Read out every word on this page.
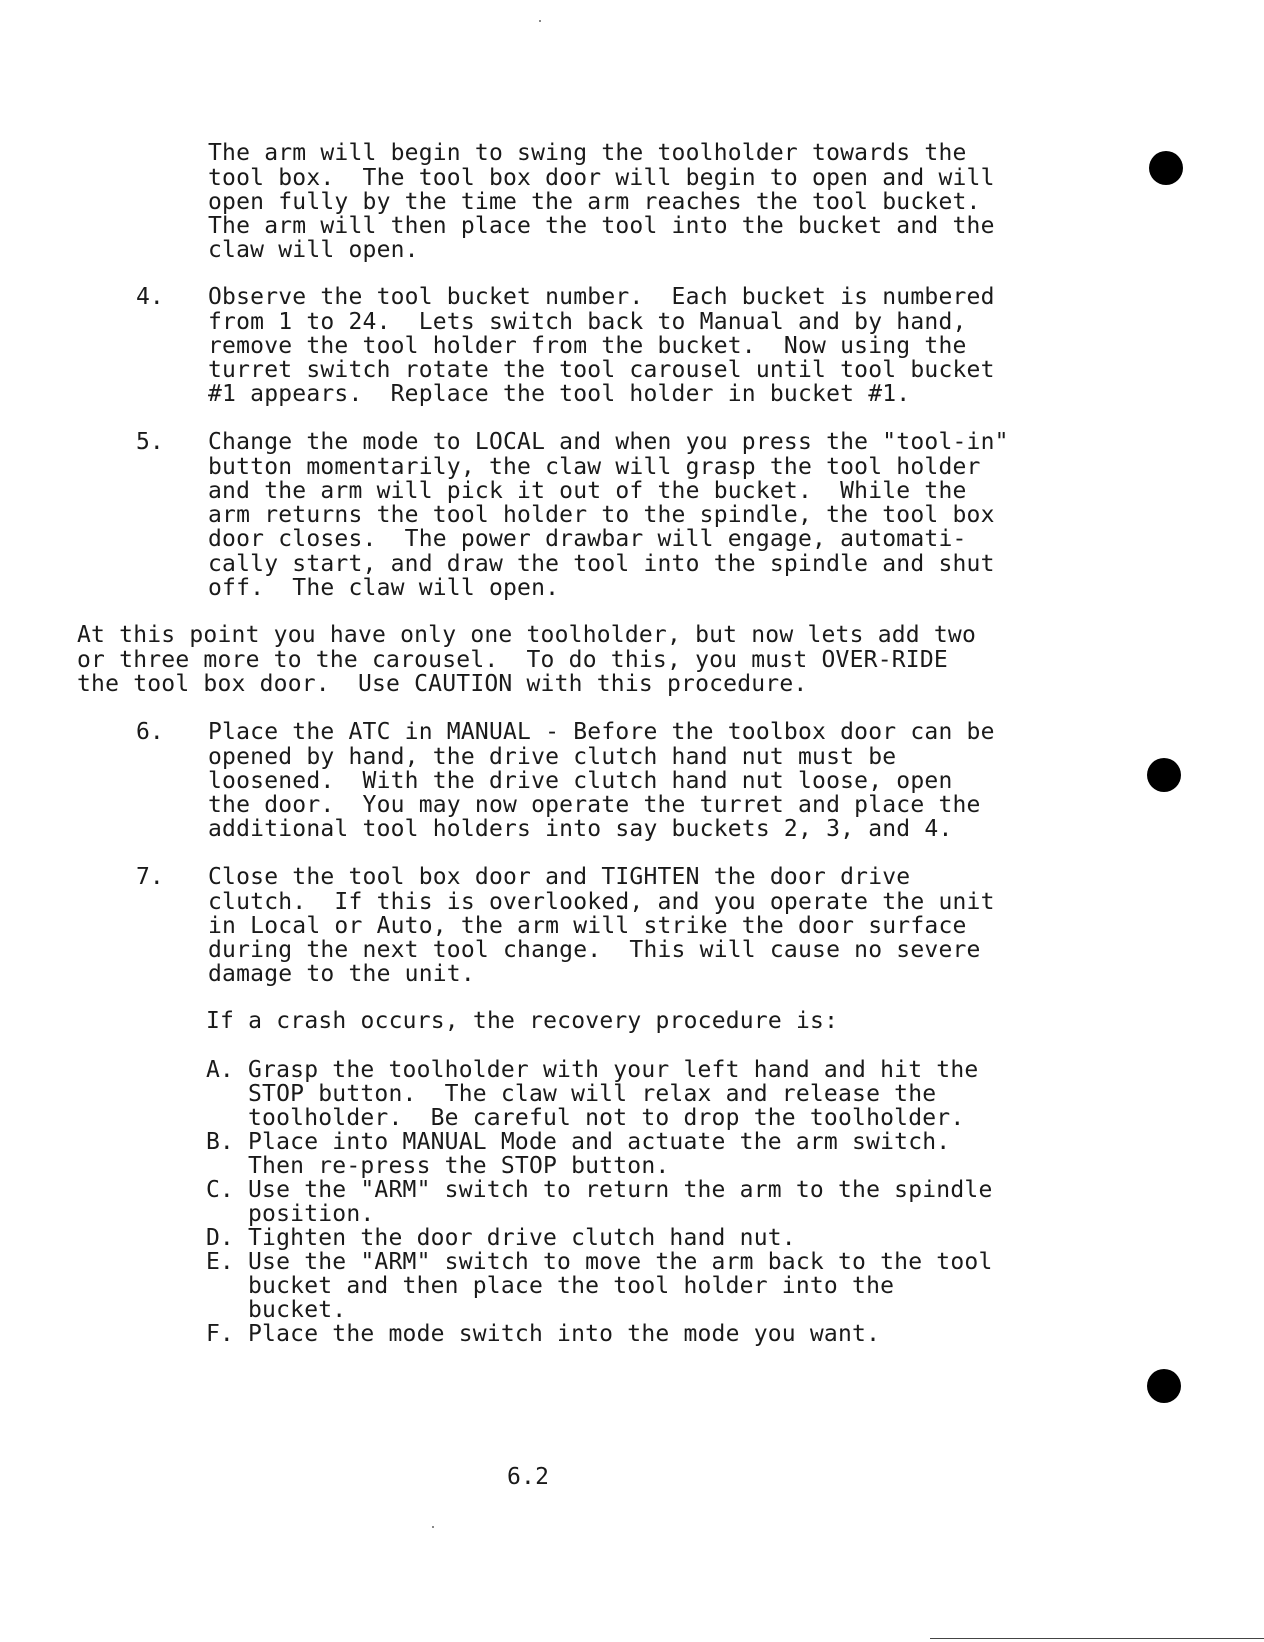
The arm will begin to swing the toolholder towards the
tool box.  The tool box door will begin to open and will
open fully by the time the arm reaches the tool bucket.
The arm will then place the tool into the bucket and the
claw will open.
4. Observe the tool bucket number.  Each bucket is numbered
from 1 to 24.  Lets switch back to Manual and by hand,
remove the tool holder from the bucket.  Now using the
turret switch rotate the tool carousel until tool bucket
#1 appears.  Replace the tool holder in bucket #1.
5. Change the mode to LOCAL and when you press the "tool-in"
button momentarily, the claw will grasp the tool holder
and the arm will pick it out of the bucket.  While the
arm returns the tool holder to the spindle, the tool box
door closes.  The power drawbar will engage, automati-
cally start, and draw the tool into the spindle and shut
off.  The claw will open.
At this point you have only one toolholder, but now lets add two
or three more to the carousel.  To do this, you must OVER-RIDE
the tool box door.  Use CAUTION with this procedure.
6. Place the ATC in MANUAL - Before the toolbox door can be
opened by hand, the drive clutch hand nut must be
loosened.  With the drive clutch hand nut loose, open
the door.  You may now operate the turret and place the
additional tool holders into say buckets 2, 3, and 4.
7. Close the tool box door and TIGHTEN the door drive
clutch.  If this is overlooked, and you operate the unit
in Local or Auto, the arm will strike the door surface
during the next tool change.  This will cause no severe
damage to the unit.
If a crash occurs, the recovery procedure is:
A. Grasp the toolholder with your left hand and hit the
STOP button.  The claw will relax and release the
toolholder.  Be careful not to drop the toolholder.
B. Place into MANUAL Mode and actuate the arm switch.
Then re-press the STOP button.
C. Use the "ARM" switch to return the arm to the spindle
position.
D. Tighten the door drive clutch hand nut.
E. Use the "ARM" switch to move the arm back to the tool
bucket and then place the tool holder into the
bucket.
F. Place the mode switch into the mode you want.
6.2
